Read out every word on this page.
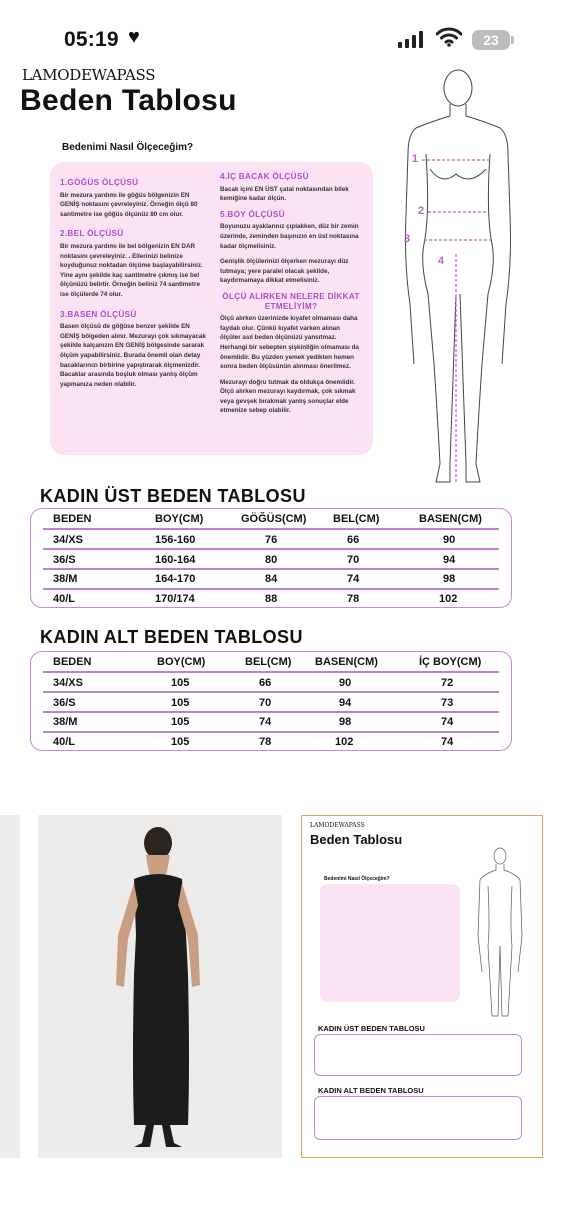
05:19 ♥	23
LAMODEWAPASS
Beden Tablosu
Bedenimi Nasıl Ölçeceğim?
1.GÖĞÜS ÖLÇÜSÜ

Bir mezura yardımı ile göğüs bölgenizin EN GENİŞ noktasını çevreleyiniz. Örneğin ölçü 80 santimetre ise göğüs ölçünüz 80 cm olur.

2.BEL ÖLÇÜSÜ

Bir mezura yardımı ile bel bölgenizin EN DAR noktasını çevreleyiniz. . Ellerinizi belinize koyduğunuz noktadan ölçüme başlayabilirsiniz. Yine aynı şekilde kaç santimetre çıkmış ise bel ölçünüzü belirtir. Örneğin beliniz 74 santimetre ise ölçülerde 74 olur.

3.BASEN ÖLÇÜSÜ

Basen ölçüsü de göğüse benzer şekilde EN GENİŞ bölgeden alınır. Mezurayı çok sıkmayacak şekilde kalçanızın EN GENİŞ bölgesinde sararak ölçüm yapabilirsiniz. Burada önemli olan detay bacaklarınızı birbirine yapıştırarak ölçmenizdir. Bacaklar arasında boşluk olması yanlış ölçüm yapmanıza neden olabilir.

4.İÇ BACAK ÖLÇÜSÜ

Bacak içini EN ÜST çatal noktasından bilek kemiğine kadar ölçün.

5.BOY ÖLÇÜSÜ

Boyunuzu ayaklarınız çıplakken, düz bir zemin üzerinde, zeminden başınızın en üst noktasına kadar ölçmelisiniz.

Genişlik ölçülerinizi ölçerken mezurayı düz tutmaya; yere paralel olacak şekilde, kaydırmamaya dikkat etmelisiniz.

ÖLÇÜ ALIRKEN NELERE DİKKAT ETMELİYİM?

Ölçü alırken üzerinizde kıyafet olmaması daha faydalı olur. Çünkü kıyafet varken alınan ölçüler asıl beden ölçünüzü yansıtmaz. Herhangi bir sebepten şişkinliğin olmaması da önemlidir. Bu yüzden yemek yedikten hemen sonra beden ölçüsünün alınması önerilmez.

Mezurayı doğru tutmak da oldukça önemlidir. Ölçü alırken mezurayı kaydırmak, çok sıkmak veya gevşek bırakmak yanlış sonuçlar elde etmenize sebep olabilir.

1
2
3
4
KADIN ÜST BEDEN TABLOSU
BEDEN	BOY(CM)	GÖĞÜS(CM) BEL(CM)	BASEN(CM)
34/XS	156-160	76	66	90
36/S	160-164	80	70	94
38/M	164-170	84	74	98
40/L	170/174	88	78	102
KADIN ALT BEDEN TABLOSU
BEDEN	BOY(CM)	BEL(CM) BASEN(CM)	İÇ BOY(CM)
34/XS	105	66	90	72
36/S	105	70	94	73
38/M	105	74	98	74
40/L	105	78	102	74
LAMODEWAPASS
Beden Tablosu
Bedenimi Nasıl Ölçeceğim?
KADIN ÜST BEDEN TABLOSU
KADIN ALT BEDEN TABLOSU
